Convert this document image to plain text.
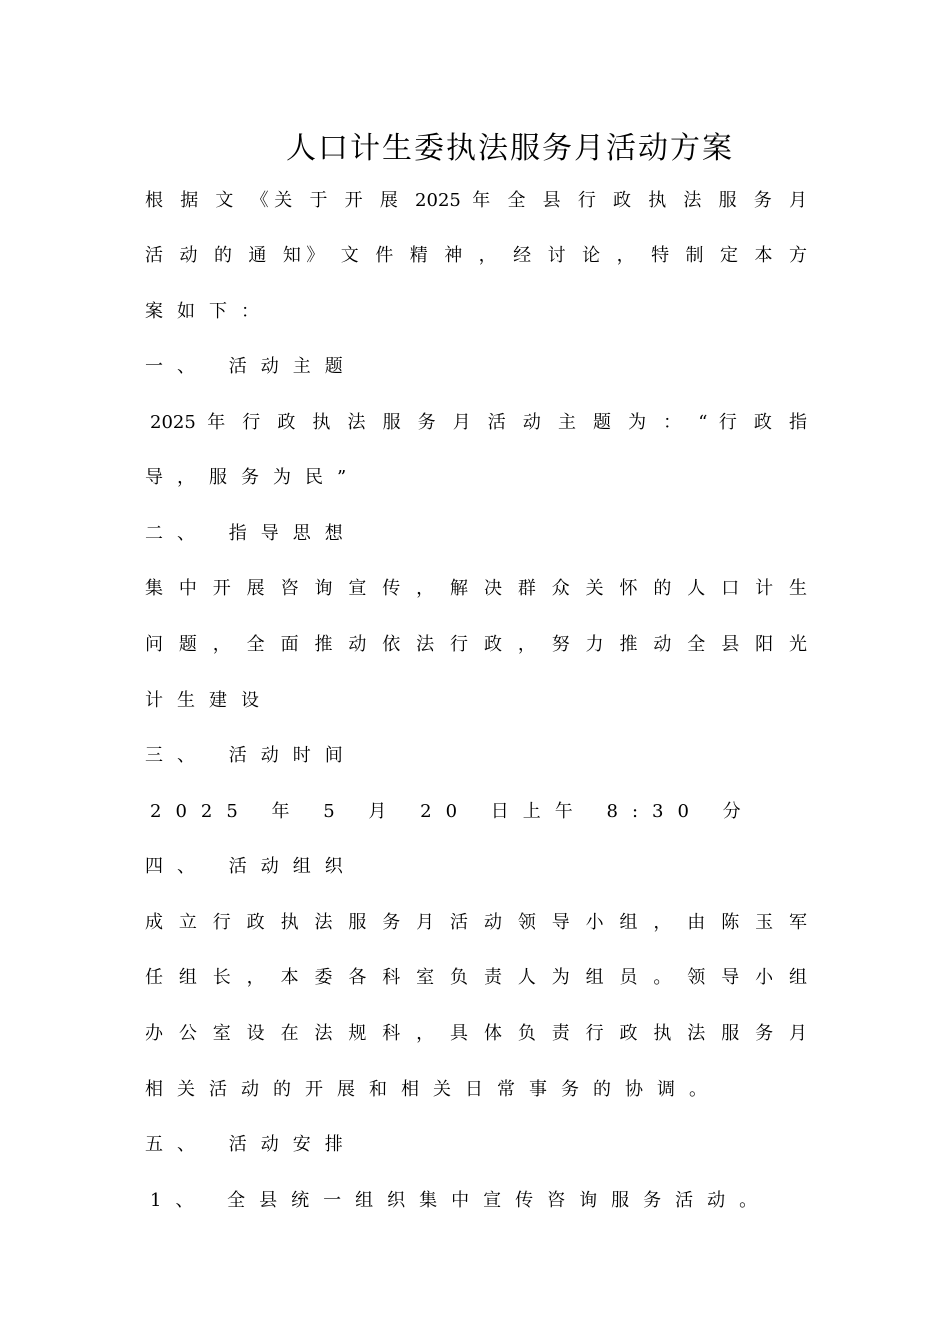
人口计生委执法服务月活动方案
根 据 文 《关 于 开 展 2025 年 全 县 行 政 执 法 服 务 月
活 动 的 通 知》 文 件 精 神 ， 经 讨 论 ， 特 制 定 本 方
案如下：
一、 活动主题
2025 年 行 政 执 法 服 务 月 活 动 主 题 为 ： “ 行 政 指
导，服务为民”
二、 指导思想
集 中 开 展 咨 询 宣 传 ， 解 决 群 众 关 怀 的 人 口 计 生
问 题 ， 全 面 推 动 依 法 行 政 ， 努 力 推 动 全 县 阳 光
计生建设
三、 活动时间
2025 年 5 月 20 日上午 8:30 分
四、 活动组织
成 立 行 政 执 法 服 务 月 活 动 领 导 小 组 ， 由 陈 玉 军
任 组 长 ， 本 委 各 科 室 负 责 人 为 组 员 。 领 导 小 组
办 公 室 设 在 法 规 科 ， 具 体 负 责 行 政 执 法 服 务 月
相关活动的开展和相关日常事务的协调。
五、 活动安排
1、 全县统一组织集中宣传咨询服务活动。
